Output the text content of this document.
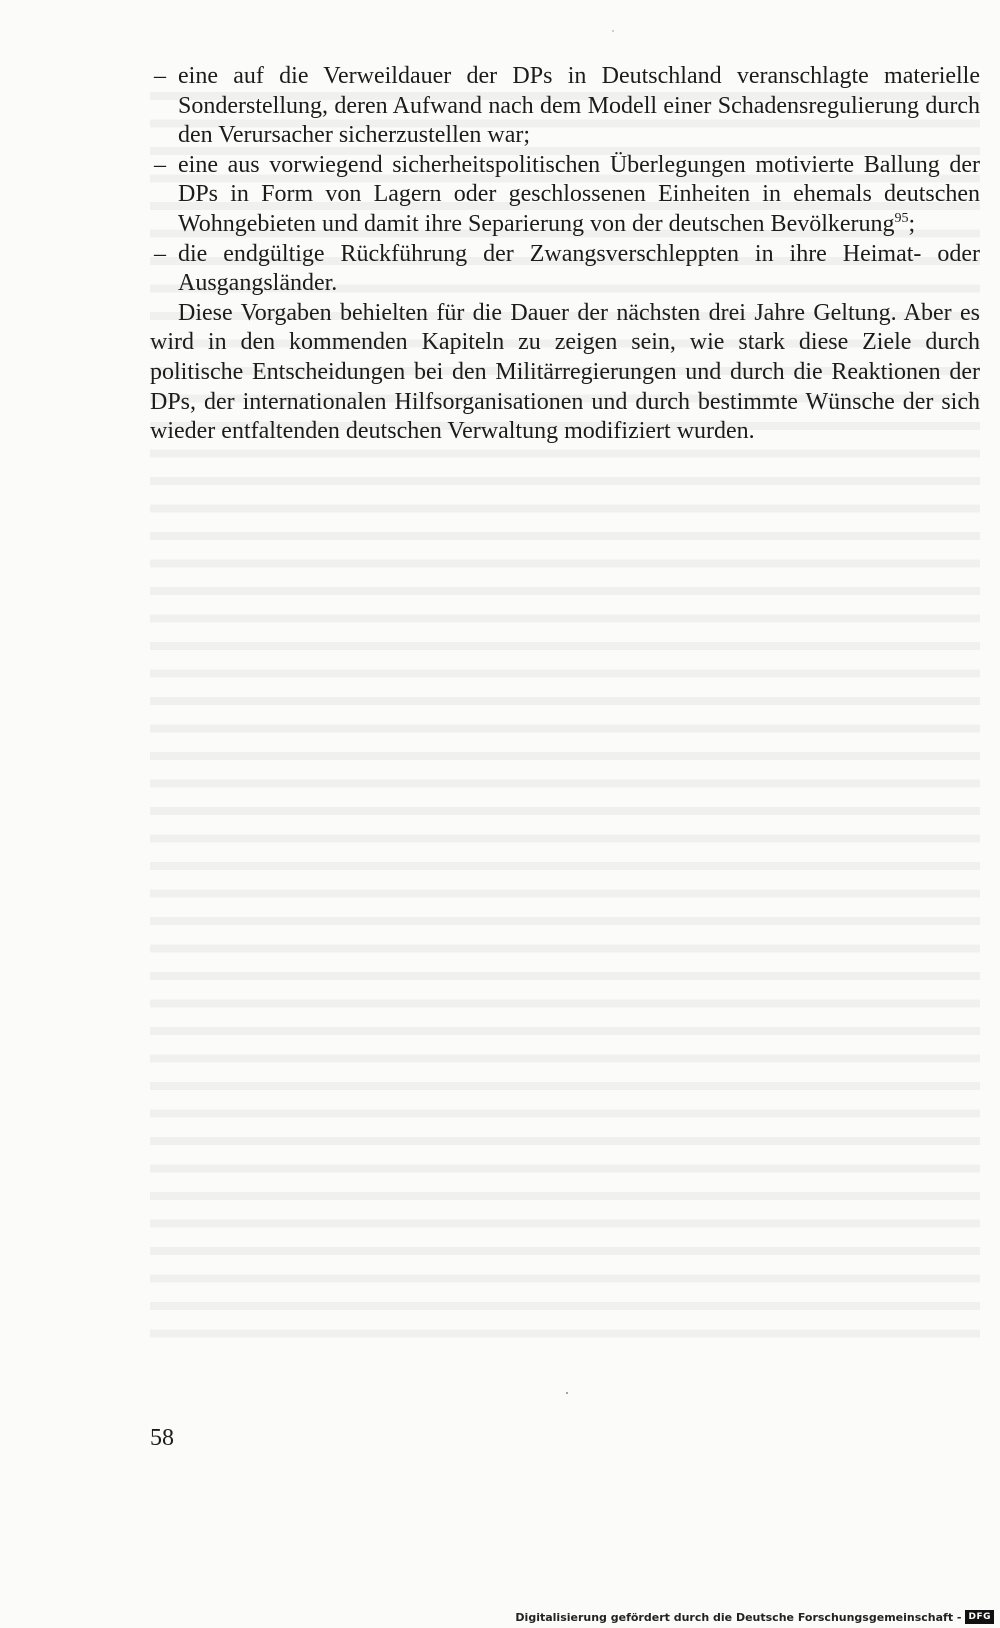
– eine auf die Verweildauer der DPs in Deutschland veranschlagte materielle Sonderstellung, deren Aufwand nach dem Modell einer Schadensregulierung durch den Verursacher sicherzustellen war;

– eine aus vorwiegend sicherheitspolitischen Überlegungen motivierte Ballung der DPs in Form von Lagern oder geschlossenen Einheiten in ehemals deutschen Wohngebieten und damit ihre Separierung von der deutschen Bevölkerung$^{95}$;

– die endgültige Rückführung der Zwangsverschleppten in ihre Heimat- oder Ausgangsländer.

Diese Vorgaben behielten für die Dauer der nächsten drei Jahre Geltung. Aber es wird in den kommenden Kapiteln zu zeigen sein, wie stark diese Ziele durch politische Entscheidungen bei den Militärregierungen und durch die Reaktionen der DPs, der internationalen Hilfsorganisationen und durch bestimmte Wünsche der sich wieder entfaltenden deutschen Verwaltung modifiziert wurden.

58
Digitalisierung gefördert durch die Deutsche Forschungsgemeinschaft - DFG
